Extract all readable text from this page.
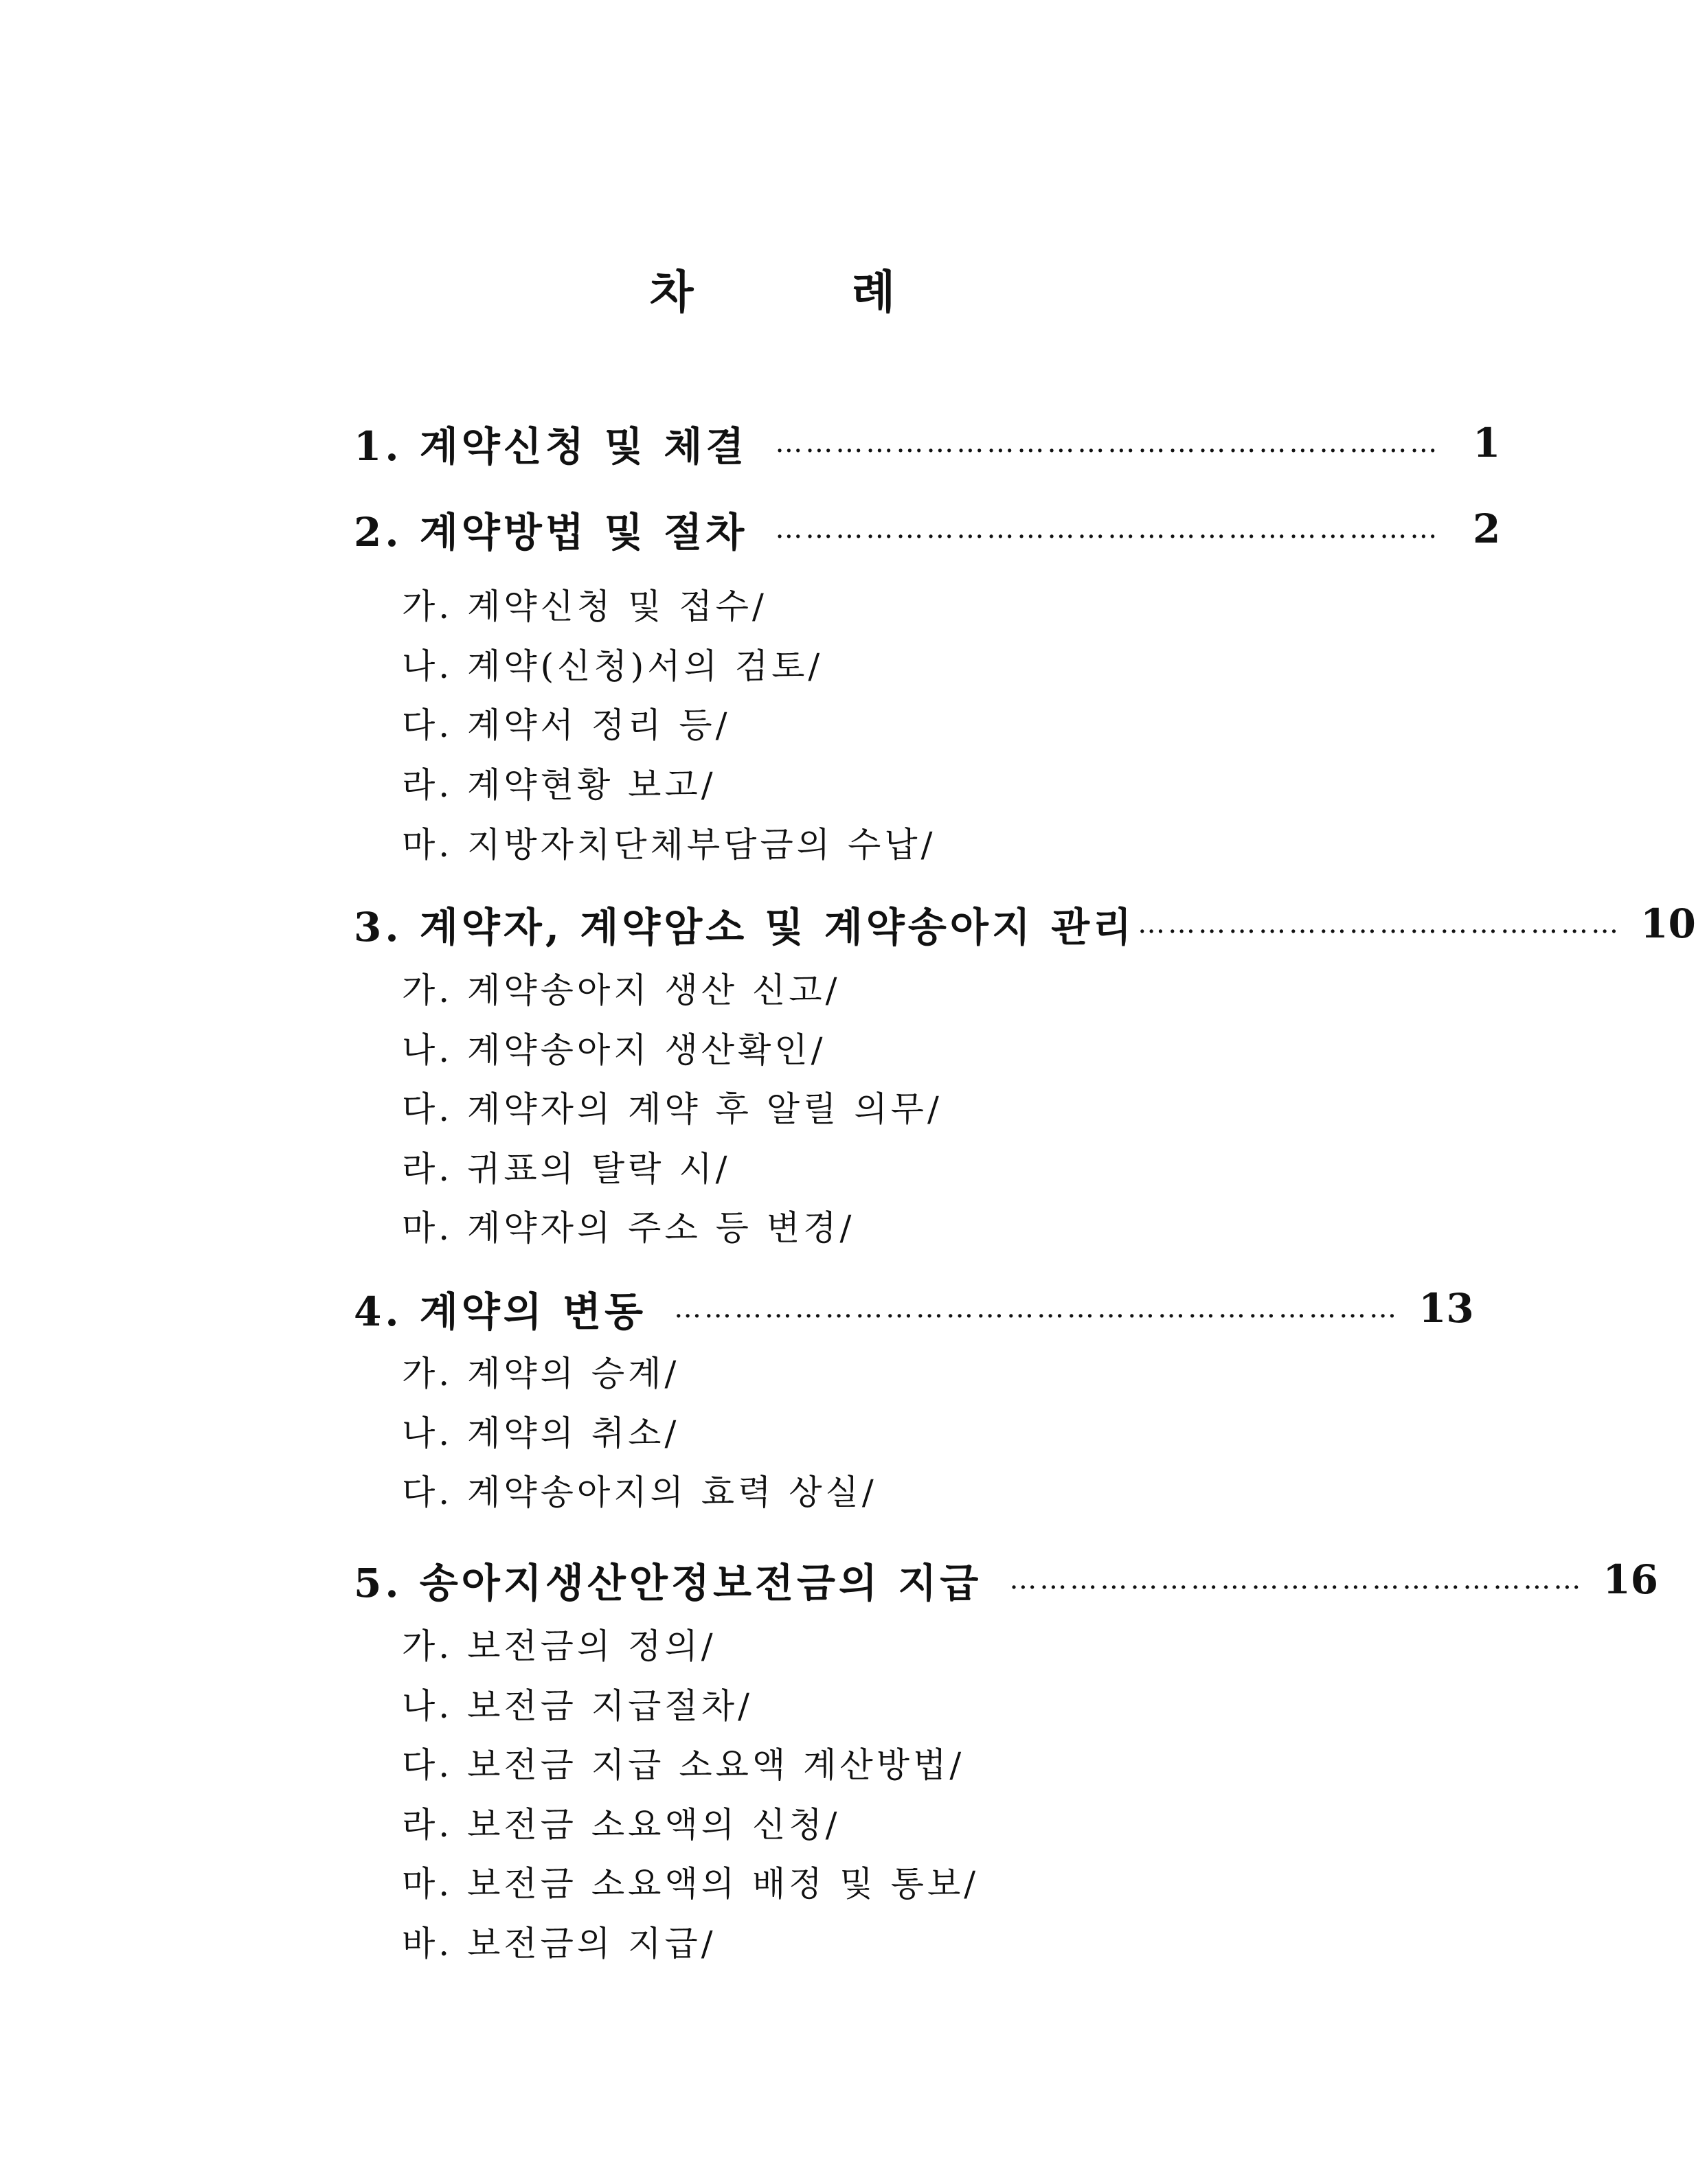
차	례
1. 계약신청 및 체결 ………………………………………………………… 1
2. 계약방법 및 절차 ………………………………………………………… 2
가. 계약신청 및 접수/
나. 계약(신청)서의 검토/
다. 계약서 정리 등/
라. 계약현황 보고/
마. 지방자치단체부담금의 수납/
3. 계약자, 계약암소 및 계약송아지 관리 ………………………………………… 10
가. 계약송아지 생산 신고/
나. 계약송아지 생산확인/
다. 계약자의 계약 후 알릴 의무/
라. 귀표의 탈락 시/
마. 계약자의 주소 등 변경/
4. 계약의 변동 ……………………………………………………………… 13
가. 계약의 승계/
나. 계약의 취소/
다. 계약송아지의 효력 상실/
5. 송아지생산안정보전금의 지급 ………………………………………………… 16
가. 보전금의 정의/
나. 보전금 지급절차/
다. 보전금 지급 소요액 계산방법/
라. 보전금 소요액의 신청/
마. 보전금 소요액의 배정 및 통보/
바. 보전금의 지급/
